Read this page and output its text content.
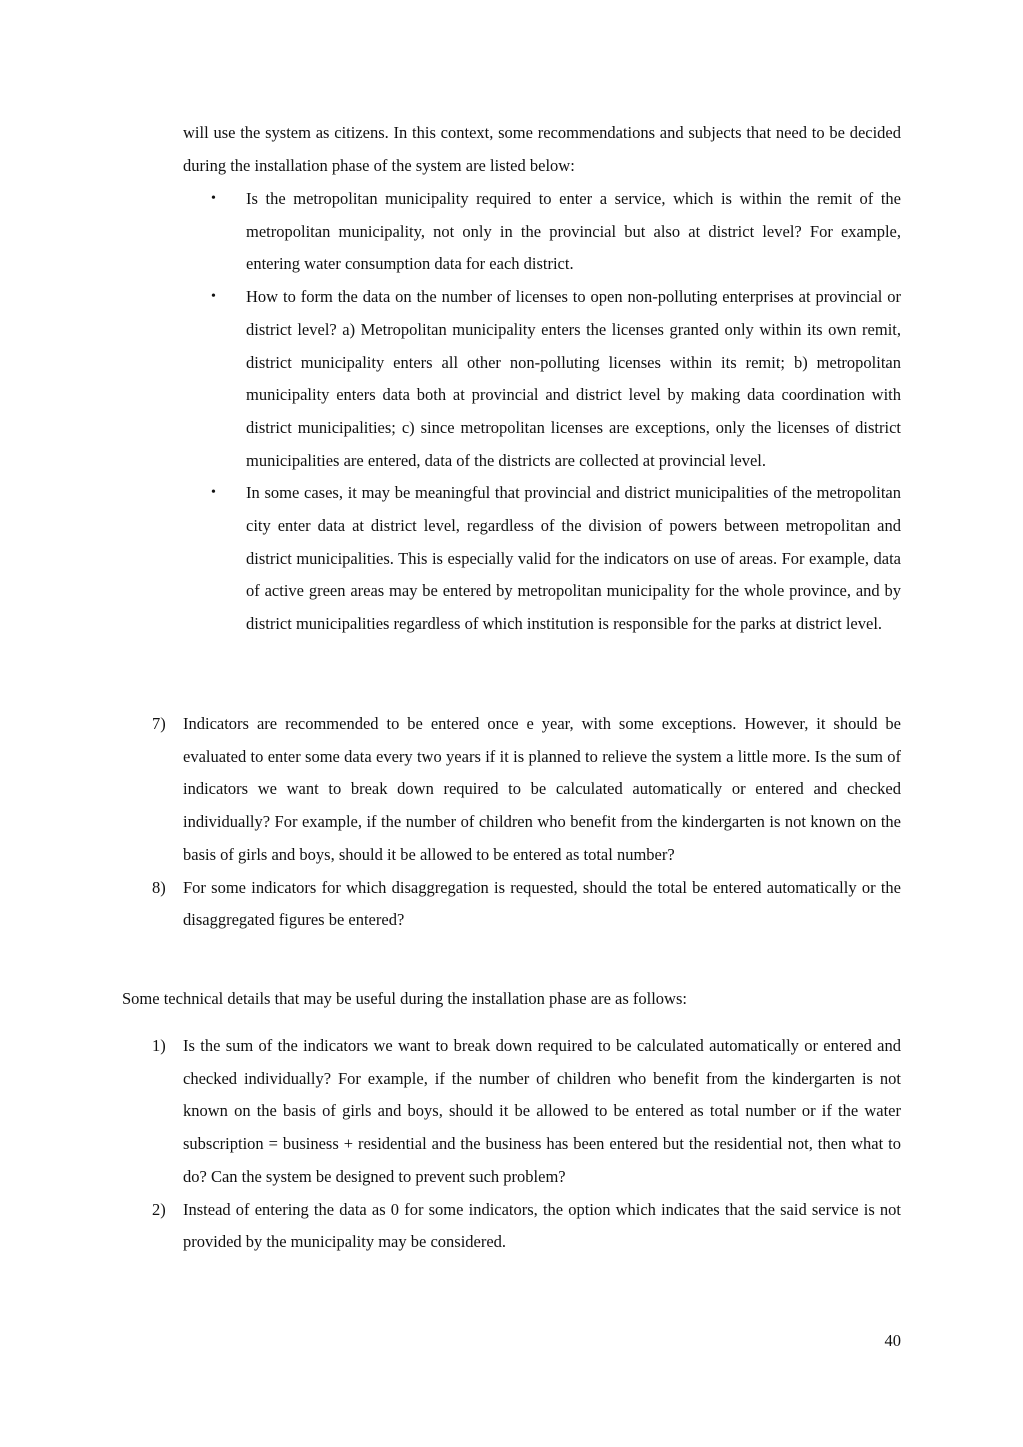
will use the system as citizens. In this context, some recommendations and subjects that need to be decided during the installation phase of the system are listed below:

• Is the metropolitan municipality required to enter a service, which is within the remit of the metropolitan municipality, not only in the provincial but also at district level? For example, entering water consumption data for each district.
• How to form the data on the number of licenses to open non-polluting enterprises at provincial or district level? a) Metropolitan municipality enters the licenses granted only within its own remit, district municipality enters all other non-polluting licenses within its remit; b) metropolitan municipality enters data both at provincial and district level by making data coordination with district municipalities; c) since metropolitan licenses are exceptions, only the licenses of district municipalities are entered, data of the districts are collected at provincial level.
• In some cases, it may be meaningful that provincial and district municipalities of the metropolitan city enter data at district level, regardless of the division of powers between metropolitan and district municipalities. This is especially valid for the indicators on use of areas. For example, data of active green areas may be entered by metropolitan municipality for the whole province, and by district municipalities regardless of which institution is responsible for the parks at district level.
7) Indicators are recommended to be entered once e year, with some exceptions. However, it should be evaluated to enter some data every two years if it is planned to relieve the system a little more. Is the sum of indicators we want to break down required to be calculated automatically or entered and checked individually? For example, if the number of children who benefit from the kindergarten is not known on the basis of girls and boys, should it be allowed to be entered as total number?
8) For some indicators for which disaggregation is requested, should the total be entered automatically or the disaggregated figures be entered?

Some technical details that may be useful during the installation phase are as follows:

1) Is the sum of the indicators we want to break down required to be calculated automatically or entered and checked individually? For example, if the number of children who benefit from the kindergarten is not known on the basis of girls and boys, should it be allowed to be entered as total number or if the water subscription = business + residential and the business has been entered but the residential not, then what to do? Can the system be designed to prevent such problem?
2) Instead of entering the data as 0 for some indicators, the option which indicates that the said service is not provided by the municipality may be considered.
40
